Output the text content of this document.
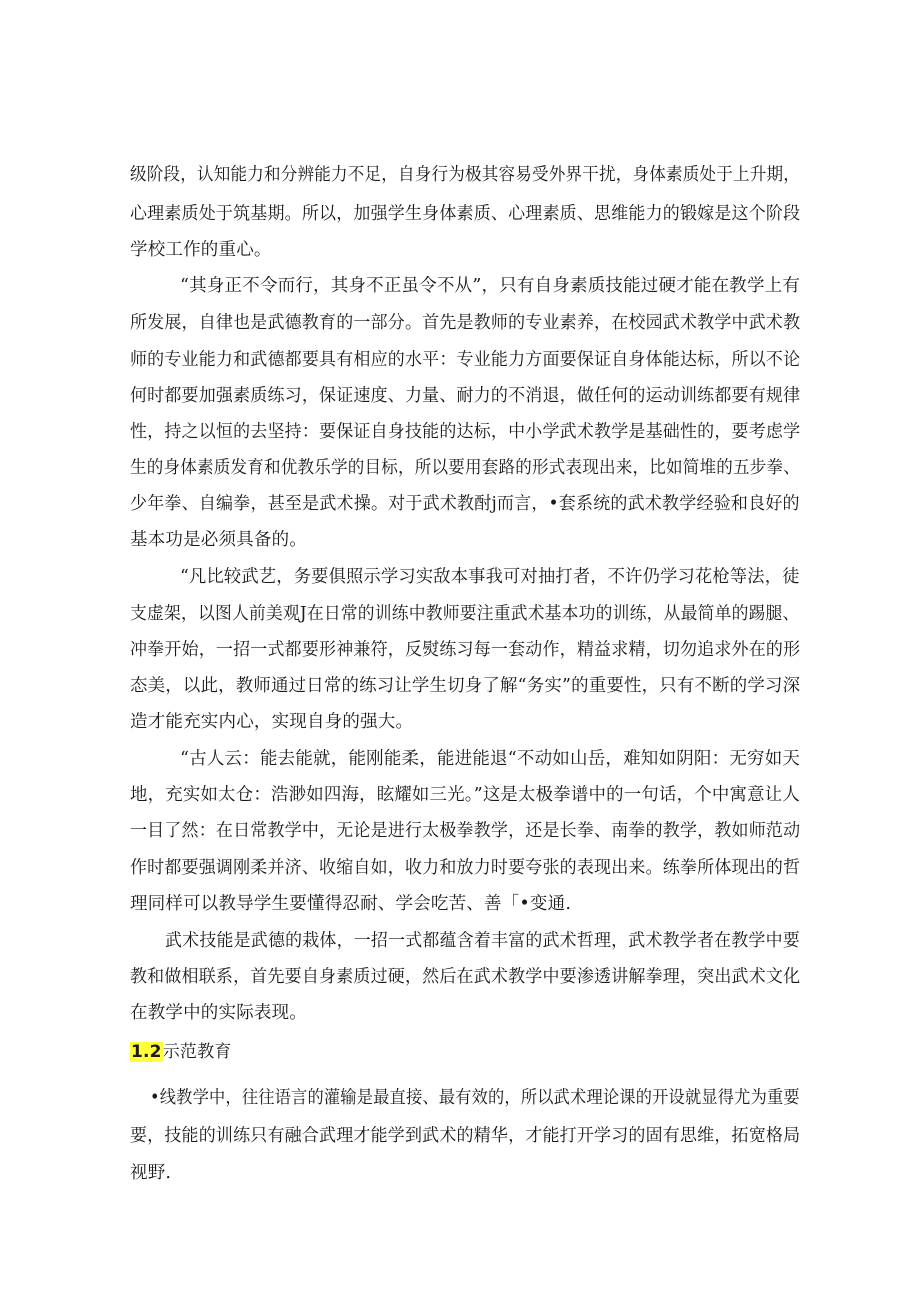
级阶段，认知能力和分辨能力不足，自身行为极其容易受外界干扰，身体素质处于上升期，
心理素质处于筑基期。所以，加强学生身体素质、心理素质、思维能力的锻嫁是这个阶段
学校工作的重心。
“其身正不令而行，其身不正虽令不从”，只有自身素质技能过硬才能在教学上有
所发展，自律也是武德教育的一部分。首先是教师的专业素养，在校园武术教学中武术教
师的专业能力和武德都要具有相应的水平：专业能力方面要保证自身体能达标，所以不论
何时都要加强素质练习，保证速度、力量、耐力的不消退，做任何的运动训练都要有规律
性，持之以恒的去坚持：要保证自身技能的达标，中小学武术教学是基础性的，要考虑学
生的身体素质发育和优教乐学的目标，所以要用套路的形式表现出来，比如简堆的五步拳、
少年拳、自编拳，甚至是武术操。对于武术教酎j而言，•套系统的武术教学经验和良好的
基本功是必须具备的。
“凡比较武艺，务要俱照示学习实敌本事我可对抽打者，不许仍学习花枪等法，徒
支虚架，以图人前美观J在日常的训练中教师要注重武术基本功的训练，从最简单的踢腿、
冲拳开始，一招一式都要形神兼符，反熨练习每一套动作，精益求精，切勿追求外在的形
态美，以此，教师通过日常的练习让学生切身了解“务实”的重要性，只有不断的学习深
造才能充实内心，实现自身的强大。
“古人云：能去能就，能刚能柔，能进能退“不动如山岳，难知如阴阳：无穷如天
地，充实如太仓：浩渺如四海，眩耀如三光。”这是太极拳谱中的一句话，个中寓意让人
一目了然：在日常教学中，无论是进行太极拳教学，还是长拳、南拳的教学，教如师范动
作时都要强调刚柔并济、收缩自如，收力和放力时要夸张的表现出来。练拳所体现出的哲
理同样可以教导学生要懂得忍耐、学会吃苦、善「•变通.
武术技能是武德的栽体，一招一式都蕴含着丰富的武术哲理，武术教学者在教学中要
教和做相联系，首先要自身素质过硬，然后在武术教学中要渗透讲解拳理，突出武术文化
在教学中的实际表现。
1.2示范教育
•线教学中，往往语言的灌输是最直接、最有效的，所以武术理论课的开设就显得尤为重要
要，技能的训练只有融合武理才能学到武术的精华，才能打开学习的固有思维，拓宽格局
视野.
